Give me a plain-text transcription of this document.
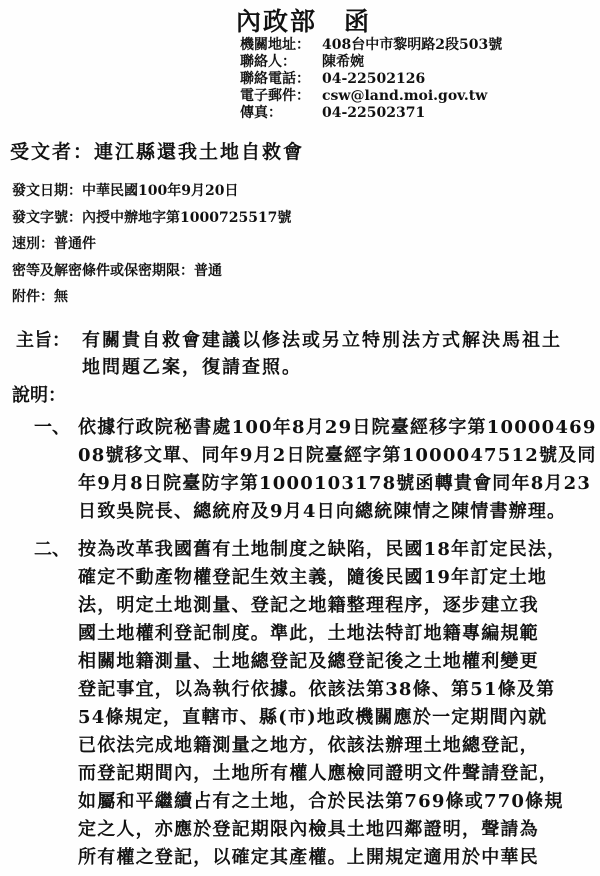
內政部　函
機關地址： 408台中市黎明路2段503號
聯絡人： 陳希婉
聯絡電話： 04-22502126
電子郵件： csw@land.moi.gov.tw
傳真：	04-22502371
受文者：連江縣還我土地自救會
發文日期：中華民國100年9月20日
發文字號：內授中辦地字第1000725517號
速別：普通件
密等及解密條件或保密期限：普通
附件：無
主旨： 有關貴自救會建議以修法或另立特別法方式解決馬祖土
地問題乙案，復請查照。
說明：
一、 依據行政院秘書處100年8月29日院臺經移字第10000469
08號移文單、同年9月2日院臺經字第1000047512號及同
年9月8日院臺防字第1000103178號函轉貴會同年8月23
日致吳院長、總統府及9月4日向總統陳情之陳情書辦理。
二、 按為改革我國舊有土地制度之缺陷，民國18年訂定民法，
確定不動產物權登記生效主義，隨後民國19年訂定土地
法，明定土地測量、登記之地籍整理程序，逐步建立我
國土地權利登記制度。準此，土地法特訂地籍專編規範
相關地籍測量、土地總登記及總登記後之土地權利變更
登記事宜，以為執行依據。依該法第38條、第51條及第
54條規定，直轄市、縣(市)地政機關應於一定期間內就
已依法完成地籍測量之地方，依該法辦理土地總登記，
而登記期間內，土地所有權人應檢同證明文件聲請登記，
如屬和平繼續占有之土地，合於民法第769條或770條規
定之人，亦應於登記期限內檢具土地四鄰證明，聲請為
所有權之登記，以確定其產權。上開規定適用於中華民
